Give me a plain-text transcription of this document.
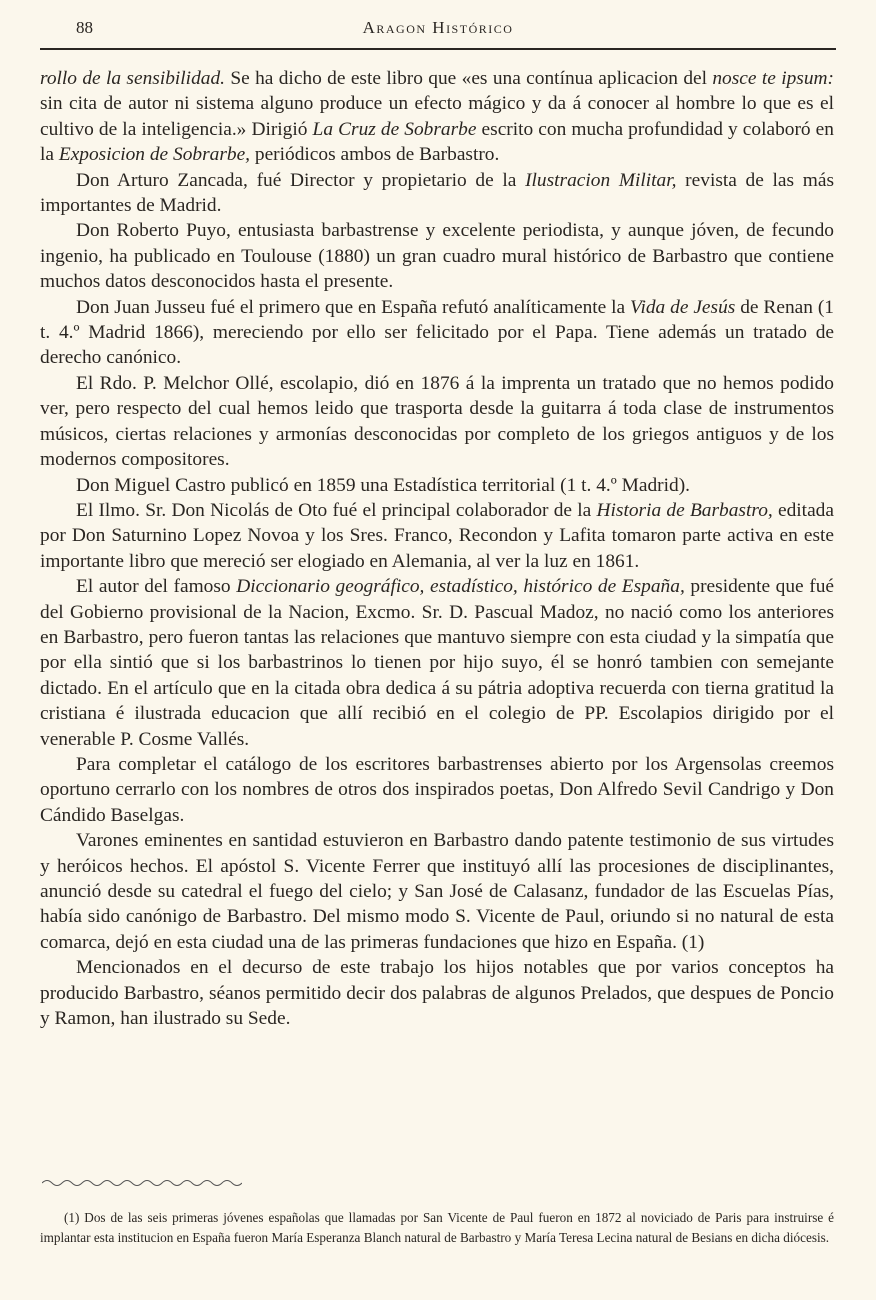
88	Aragon Histórico

rollo de la sensibilidad. Se ha dicho de este libro que «es una contínua aplicacion del nosce te ipsum: sin cita de autor ni sistema alguno produce un efecto mágico y da á conocer al hombre lo que es el cultivo de la inteligencia.» Dirigió La Cruz de Sobrarbe escrito con mucha profundidad y colaboró en la Exposicion de Sobrarbe, periódicos ambos de Barbastro.

Don Arturo Zancada, fué Director y propietario de la Ilustracion Militar, revista de las más importantes de Madrid.

Don Roberto Puyo, entusiasta barbastrense y excelente periodista, y aunque jóven, de fecundo ingenio, ha publicado en Toulouse (1880) un gran cuadro mural histórico de Barbastro que contiene muchos datos desconocidos hasta el presente.

Don Juan Jusseu fué el primero que en España refutó analíticamente la Vida de Jesús de Renan (1 t. 4.º Madrid 1866), mereciendo por ello ser felicitado por el Papa. Tiene además un tratado de derecho canónico.

El Rdo. P. Melchor Ollé, escolapio, dió en 1876 á la imprenta un tratado que no hemos podido ver, pero respecto del cual hemos leido que trasporta desde la guitarra á toda clase de instrumentos músicos, ciertas relaciones y armonías desconocidas por completo de los griegos antiguos y de los modernos compositores.

Don Miguel Castro publicó en 1859 una Estadística territorial (1 t. 4.º Madrid).

El Ilmo. Sr. Don Nicolás de Oto fué el principal colaborador de la Historia de Barbastro, editada por Don Saturnino Lopez Novoa y los Sres. Franco, Recondon y Lafita tomaron parte activa en este importante libro que mereció ser elogiado en Alemania, al ver la luz en 1861.

El autor del famoso Diccionario geográfico, estadístico, histórico de España, presidente que fué del Gobierno provisional de la Nacion, Excmo. Sr. D. Pascual Madoz, no nació como los anteriores en Barbastro, pero fueron tantas las relaciones que mantuvo siempre con esta ciudad y la simpatía que por ella sintió que si los barbastrinos lo tienen por hijo suyo, él se honró tambien con semejante dictado. En el artículo que en la citada obra dedica á su pátria adoptiva recuerda con tierna gratitud la cristiana é ilustrada educacion que allí recibió en el colegio de PP. Escolapios dirigido por el venerable P. Cosme Vallés.

Para completar el catálogo de los escritores barbastrenses abierto por los Argensolas creemos oportuno cerrarlo con los nombres de otros dos inspirados poetas, Don Alfredo Sevil Candrigo y Don Cándido Baselgas.

Varones eminentes en santidad estuvieron en Barbastro dando patente testimonio de sus virtudes y heróicos hechos. El apóstol S. Vicente Ferrer que instituyó allí las procesiones de disciplinantes, anunció desde su catedral el fuego del cielo; y San José de Calasanz, fundador de las Escuelas Pías, había sido canónigo de Barbastro. Del mismo modo S. Vicente de Paul, oriundo si no natural de esta comarca, dejó en esta ciudad una de las primeras fundaciones que hizo en España. (1)

Mencionados en el decurso de este trabajo los hijos notables que por varios conceptos ha producido Barbastro, séanos permitido decir dos palabras de algunos Prelados, que despues de Poncio y Ramon, han ilustrado su Sede.

(1) Dos de las seis primeras jóvenes españolas que llamadas por San Vicente de Paul fueron en 1872 al noviciado de Paris para instruirse é implantar esta institucion en España fueron María Esperanza Blanch natural de Barbastro y María Teresa Lecina natural de Besians en dicha diócesis.
